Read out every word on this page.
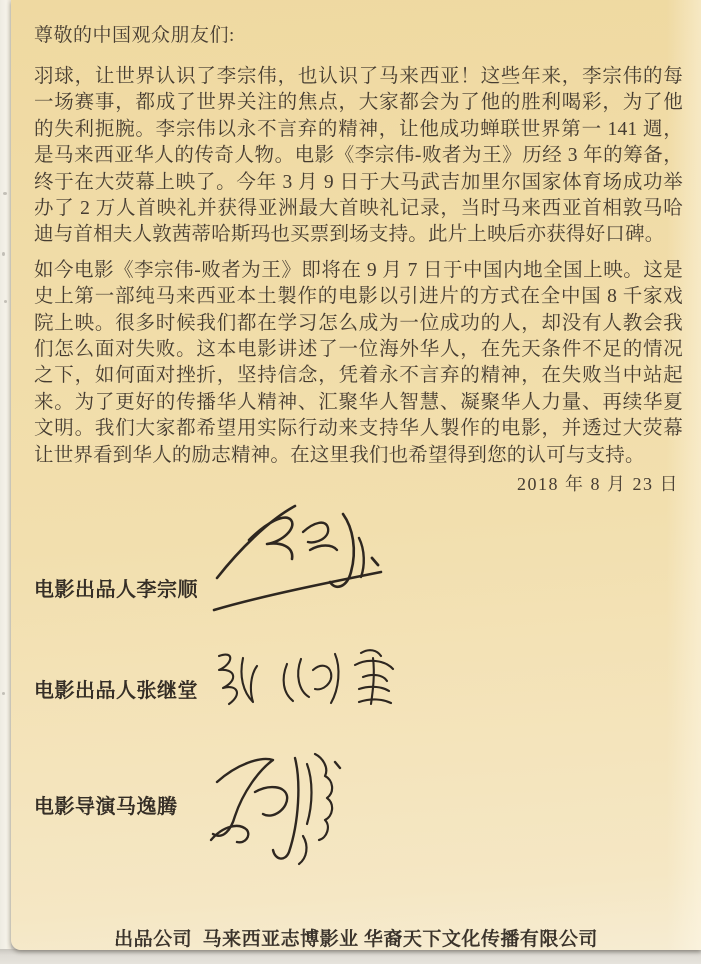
尊敬的中国观众朋友们:

羽球，让世界认识了李宗伟，也认识了马来西亚！这些年来，李宗伟的每一场赛事，都成了世界关注的焦点，大家都会为了他的胜利喝彩，为了他的失利扼腕。李宗伟以永不言弃的精神，让他成功蝉联世界第一 141 週，是马来西亚华人的传奇人物。电影《李宗伟-败者为王》历经 3 年的筹备，终于在大荧幕上映了。今年 3 月 9 日于大马武吉加里尔国家体育场成功举办了 2 万人首映礼并获得亚洲最大首映礼记录，当时马来西亚首相敦马哈迪与首相夫人敦茜蒂哈斯玛也买票到场支持。此片上映后亦获得好口碑。

如今电影《李宗伟-败者为王》即将在 9 月 7 日于中国内地全国上映。这是史上第一部纯马来西亚本土製作的电影以引进片的方式在全中国 8 千家戏院上映。很多时候我们都在学习怎么成为一位成功的人，却没有人教会我们怎么面对失败。这本电影讲述了一位海外华人，在先天条件不足的情况之下，如何面对挫折，坚持信念，凭着永不言弃的精神，在失败当中站起来。为了更好的传播华人精神、汇聚华人智慧、凝聚华人力量、再续华夏文明。我们大家都希望用实际行动来支持华人製作的电影，并透过大荧幕让世界看到华人的励志精神。在这里我们也希望得到您的认可与支持。

2018 年 8 月 23 日
电影出品人李宗顺
电影出品人张继堂
电影导演马逸腾
出品公司  马来西亚志博影业 华裔天下文化传播有限公司
